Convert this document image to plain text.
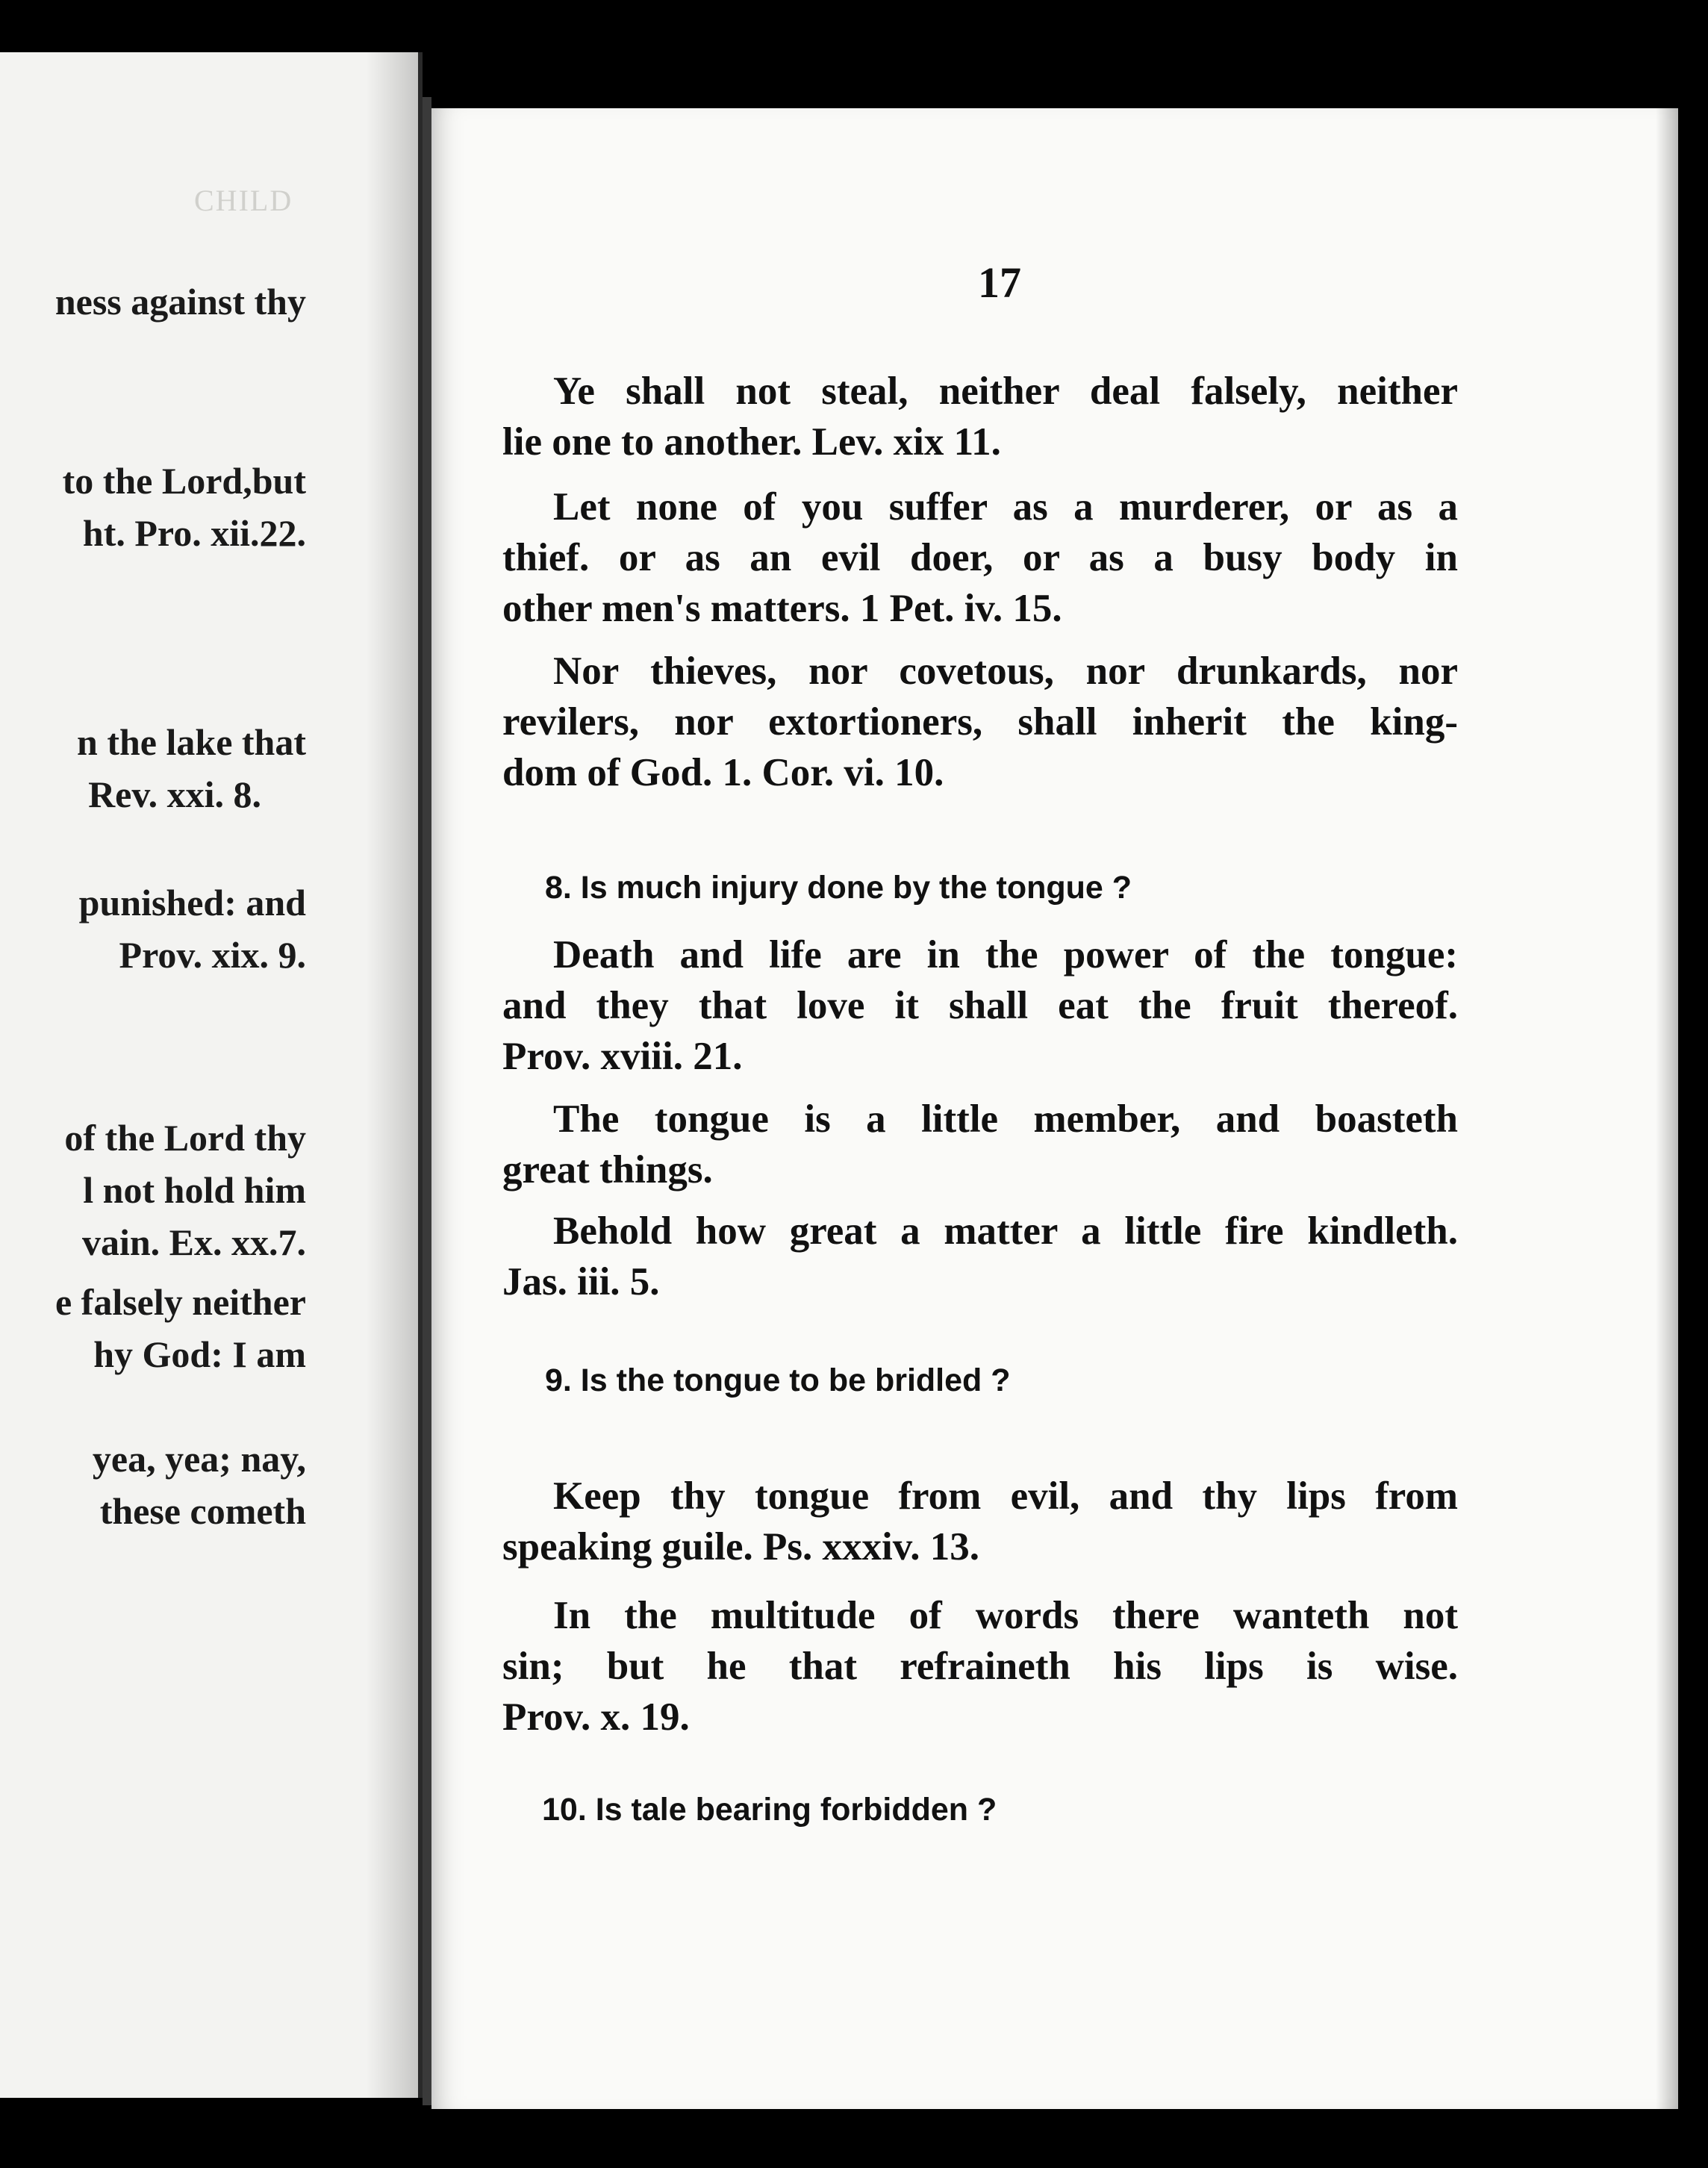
CHILD
ness against thy
to the Lord,but
ht. Pro. xii.22.
n the lake that
Rev. xxi. 8.
punished: and
Prov. xix. 9.
of the Lord thy
l not hold him
vain. Ex. xx.7.
e falsely neither
hy God: I am
yea, yea; nay,
these cometh
17
Ye shall not steal, neither deal falsely, neither
lie one to another. Lev. xix 11.
Let none of you suffer as a murderer, or as a
thief. or as an evil doer, or as a busy body in
other men's matters. 1 Pet. iv. 15.
Nor thieves, nor covetous, nor drunkards, nor
revilers, nor extortioners, shall inherit the king-
dom of God. 1. Cor. vi. 10.
8. Is much injury done by the tongue ?
Death and life are in the power of the tongue:
and they that love it shall eat the fruit thereof.
Prov. xviii. 21.
The tongue is a little member, and boasteth
great things.
Behold how great a matter a little fire kindleth.
Jas. iii. 5.
9. Is the tongue to be bridled ?
Keep thy tongue from evil, and thy lips from
speaking guile. Ps. xxxiv. 13.
In the multitude of words there wanteth not
sin; but he that refraineth his lips is wise.
Prov. x. 19.
10. Is tale bearing forbidden ?
